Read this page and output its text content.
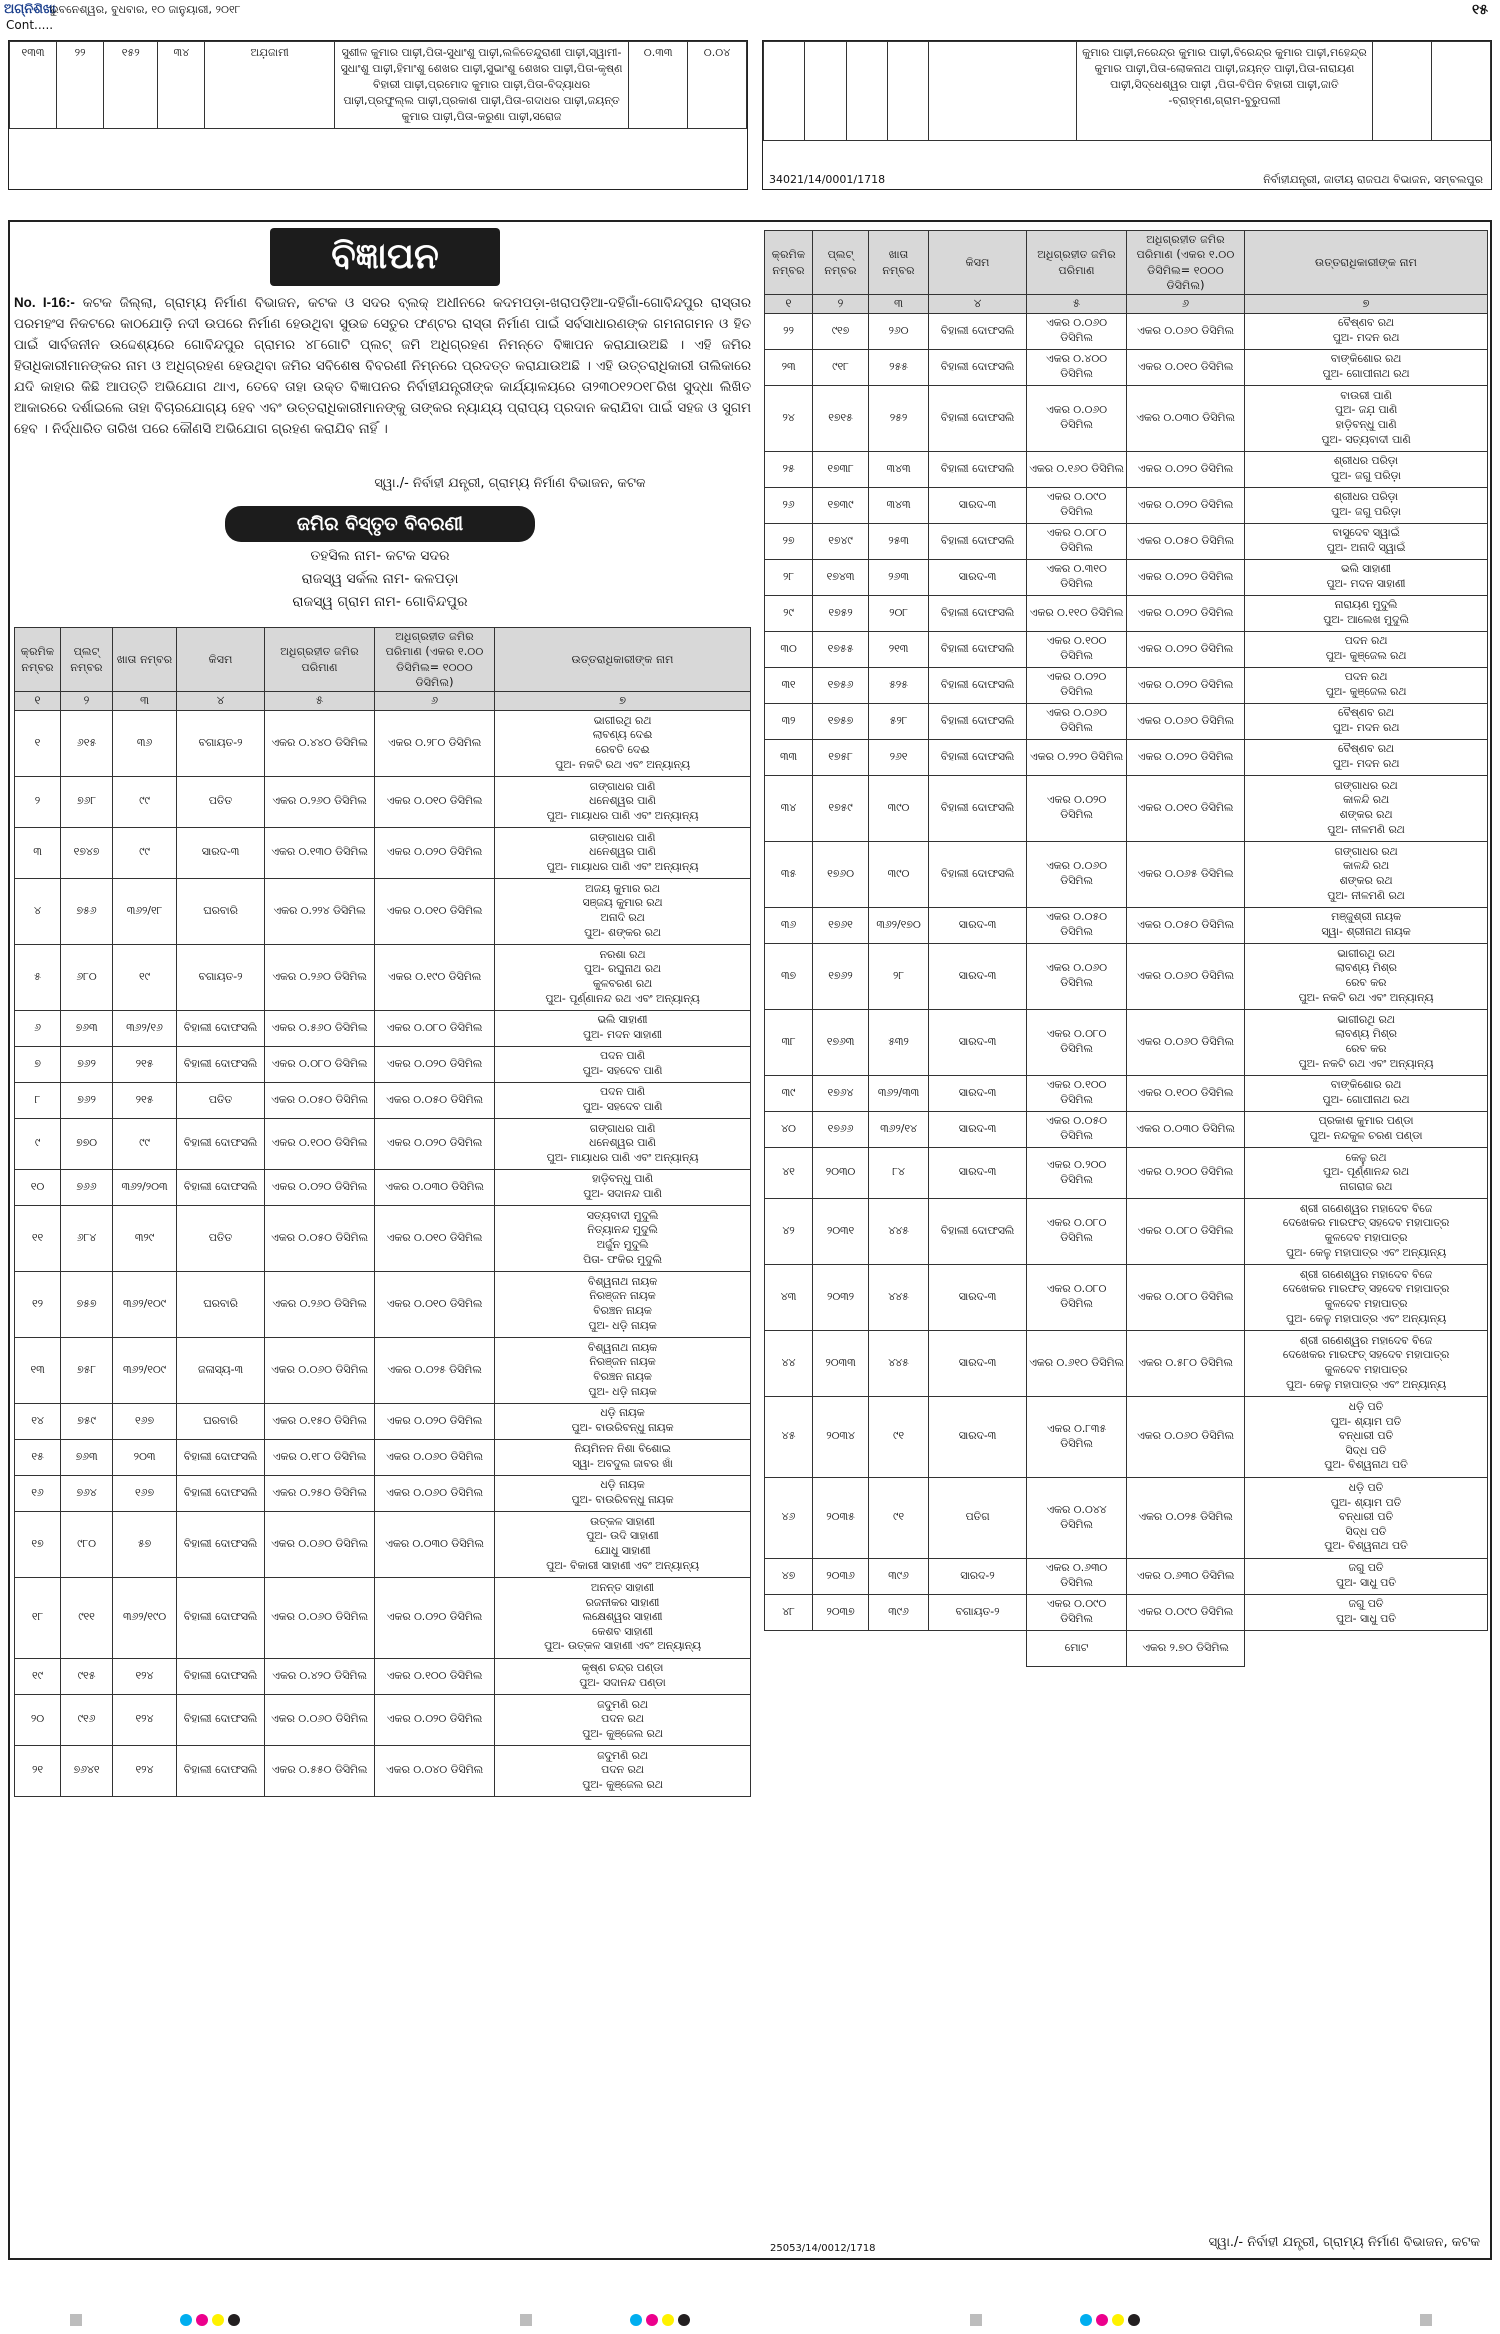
ଅଗ୍ନିଶିଖା
ଭୁବନେଶ୍ୱର, ବୁଧବାର, ୧୦ ଜାନୁୟାରୀ, ୨୦୧୮
Cont.....
୧୫
୧୩୩	୨୨	୧୫୨	୩୪	ଅଯ଼ଜାମୀ	ସୁଶୀଳ କୁମାର ପାଢ଼ୀ,ପିତା-ସୁଧାଂଶୁ ପାଢ଼ୀ,ଲଳିତେନ୍ଦୁରାଣୀ ପାଢ଼ୀ,ସ୍ୱାମୀ-ସୁଧାଂଶୁ ପାଢ଼ୀ,ହିମାଂଶୁ ଶେଖର ପାଢ଼ୀ,ସୁଭାଂଶୁ ଶେଖର ପାଢ଼ୀ,ପିତା-କୃଷ୍ଣ ବିହାରୀ ପାଢ଼ୀ,ପ୍ରମୋଦ କୁମାର ପାଢ଼ୀ,ପିତା-ବିଦ୍ୟାଧର ପାଢ଼ୀ,ପ୍ରଫୁଲ୍ଲ ପାଢ଼ୀ,ପ୍ରକାଶ ପାଢ଼ୀ,ପିତା-ଗଦାଧର ପାଢ଼ୀ,ଜୟନ୍ତ କୁମାର ପାଢ଼ୀ,ପିତା-କରୁଣା ପାଢ଼ୀ,ସରୋଜ	୦.୩୩	୦.୦୪
						କୁମାର ପାଢ଼ୀ,ନରେନ୍ଦ୍ର କୁମାର ପାଢ଼ୀ,ବିରେନ୍ଦ୍ର କୁମାର ପାଢ଼ୀ,ମହେନ୍ଦ୍ର କୁମାର ପାଢ଼ୀ,ପିତା-ଲୋକନାଥ ପାଢ଼ୀ,ଜୟନ୍ତ ପାଢ଼ୀ,ପିତା-ନାରାୟଣ ପାଢ଼ୀ,ସିଦ୍ଧେଶ୍ୱର ପାଢ଼ୀ ,ପିତା-ବିପିନ ବିହାରୀ ପାଢ଼ୀ,ଜାତି -ବ୍ରାହ୍ମଣ,ଗ୍ରାମ-ବୁରୁପଲୀ		
34021/14/0001/1718	ନିର୍ବାହୀଯନ୍ତ୍ରୀ, ଜାତୀୟ ରାଜପଥ ବିଭାଜନ, ସମ୍ବଲପୁର
ବିଜ୍ଞାପନ
No. I-16:- କଟକ ଜିଲ୍ଲା, ଗ୍ରାମ୍ୟ ନିର୍ମାଣ ବିଭାଜନ, କଟକ ଓ ସଦର ବ୍ଲକ୍ ଅଧୀନରେ କଦମପଡ଼ା-ଖରାପଡ଼ିଆ-ଦହିଗାଁ-ଗୋବିନ୍ଦପୁର ରାସ୍ତାର ପରମହଂସ ନିକଟରେ କାଠଯୋଡ଼ି ନଦୀ ଉପରେ ନିର୍ମାଣ ହେଉଥିବା ସୁଉଚ୍ଚ ସେତୁର ଫଣ୍ଟର ରାସ୍ତା ନିର୍ମାଣ ପାଇଁ ସର୍ବସାଧାରଣଙ୍କ ଗମନାଗମନ ଓ ହିତ ପାଇଁ ସାର୍ବଜନୀନ ଉଦ୍ଦେଶ୍ୟରେ ଗୋବିନ୍ଦପୁର ଗ୍ରାମର ୪୮ଗୋଟି ପ୍ଲଟ୍ ଜମି ଅଧିଗ୍ରହଣ ନିମନ୍ତେ ବିଜ୍ଞାପନ କରାଯାଉଅଛି । ଏହି ଜମିର ହିତାଧିକାରୀମାନଙ୍କର ନାମ ଓ ଅଧିଗ୍ରହଣ ହେଉଥିବା ଜମିର ସବିଶେଷ ବିବରଣୀ ନିମ୍ନରେ ପ୍ରଦତ୍ତ କରାଯାଉଅଛି । ଏହି ଉତ୍ତରାଧିକାରୀ ତାଲିକାରେ ଯଦି କାହାର କିଛି ଆପତ୍ତି ଅଭିଯୋଗ ଥାଏ, ତେବେ ତାହା ଉକ୍ତ ବିଜ୍ଞାପନର ନିର୍ବାହୀଯନ୍ତ୍ରୀଙ୍କ କାର୍ଯ୍ୟାଳୟରେ ତା୨୩୦୧୨୦୧୮ରିଖ ସୁଦ୍ଧା ଲିଖିତ ଆକାରରେ ଦର୍ଶାଇଲେ ତାହା ବିଚାରଯୋଗ୍ୟ ହେବ ଏବଂ ଉତ୍ତରାଧିକାରୀମାନଙ୍କୁ ତାଙ୍କର ନ୍ୟାଯ୍ୟ ପ୍ରାପ୍ୟ ପ୍ରଦାନ କରାଯିବା ପାଇଁ ସହଜ ଓ ସୁଗମ ହେବ । ନିର୍ଦ୍ଧାରିତ ତାରିଖ ପରେ କୌଣସି ଅଭିଯୋଗ ଗ୍ରହଣ କରାଯିବ ନାହିଁ ।
ସ୍ୱା./- ନିର୍ବାହୀ ଯନ୍ତ୍ରୀ, ଗ୍ରାମ୍ୟ ନିର୍ମାଣ ବିଭାଜନ, କଟକ
ଜମିର ବିସ୍ତୃତ ବିବରଣୀ
ତହସିଲ ନାମ- କଟକ ସଦର
ରାଜସ୍ୱ ସର୍କଲ ନାମ- କଳପଡ଼ା
ରାଜସ୍ୱ ଗ୍ରାମ ନାମ- ଗୋବିନ୍ଦପୁର
କ୍ରମିକ ନମ୍ବର	ପ୍ଲଟ୍ ନମ୍ବର	ଖାତା ନମ୍ବର	କିସମ	ଅଧିଗ୍ରହୀତ ଜମିର ପରିମାଣ	ଅଧିଗ୍ରହୀତ ଜମିର ପରିମାଣ (ଏକର ୧.୦୦ ଡିସିମିଲ= ୧୦୦୦ ଡିସିମିଲ)	ଉତ୍ତରାଧିକାରୀଙ୍କ ନାମ
୧	୨	୩	୪	୫	୬	୭
୧	୬୧୫	୩୬	ବଗାୟତ-୨	ଏକର ୦.୪୪୦ ଡିସିମିଲ	ଏକର ୦.୨୮୦ ଡିସିମିଲ	ଭାଗୀରଥି ରଥ
ଲାବଣ୍ୟ ଦେଈ
ରେବତି ଦେଈ
ପୁଅ- ନକଟି ରଥ ଏବଂ ଅନ୍ୟାନ୍ୟ
୨	୭୬୮	୯୯	ପତିତ	ଏକର ୦.୨୬୦ ଡିସିମିଲ	ଏକର ୦.୦୧୦ ଡିସିମିଲ	ଗଙ୍ଗାଧର ପାଣି
ଧନେଶ୍ୱର ପାଣି
ପୁଅ- ମାୟାଧର ପାଣି ଏବଂ ଅନ୍ୟାନ୍ୟ
୩	୧୭୪୭	୯୯	ସାରଦ-୩	ଏକର ୦.୧୩୦ ଡିସିମିଲ	ଏକର ୦.୦୨୦ ଡିସିମିଲ	ଗଙ୍ଗାଧର ପାଣି
ଧନେଶ୍ୱର ପାଣି
ପୁଅ- ମାୟାଧର ପାଣି ଏବଂ ଅନ୍ୟାନ୍ୟ
୪	୭୫୬	୩୬୨/୧୮	ଘରବାରି	ଏକର ୦.୨୨୪ ଡିସିମିଲ	ଏକର ୦.୦୧୦ ଡିସିମିଲ	ଅଜୟ କୁମାର ରଥ
ସଞ୍ଜୟ କୁମାର ରଥ
ଅନାଦି ରଥ
ପୁଅ- ଶଙ୍କର ରଥ
୫	୬୮୦	୧୯	ବଗାୟତ-୨	ଏକର ୦.୨୬୦ ଡିସିମିଲ	ଏକର ୦.୧୯୦ ଡିସିମିଲ	ନରଶା ରଥ
ପୁଅ- ରଘୁନାଥ ରଥ
କୁଳବରଣ ରଥ
ପୁଅ- ପୂର୍ଣ୍ଣାନନ୍ଦ ରଥ ଏବଂ ଅନ୍ୟାନ୍ୟ
୬	୭୬୩	୩୬୨/୧୬	ବିହାଲୀ ଦୋଫସଲି	ଏକର ୦.୫୬୦ ଡିସିମିଲ	ଏକର ୦.୦୮୦ ଡିସିମିଲ	ଭଲି ସାହାଣୀ
ପୁଅ- ମଦନ ସାହାଣୀ
୭	୭୬୨	୨୧୫	ବିହାଲୀ ଦୋଫସଲି	ଏକର ୦.୦୮୦ ଡିସିମିଲ	ଏକର ୦.୦୨୦ ଡିସିମିଲ	ପଦନ ପାଣି
ପୁଅ- ସହଦେବ ପାଣି
୮	୭୬୨	୨୧୫	ପତିତ	ଏକର ୦.୦୫୦ ଡିସିମିଲ	ଏକର ୦.୦୫୦ ଡିସିମିଲ	ପଦନ ପାଣି
ପୁଅ- ସହଦେବ ପାଣି
୯	୭୭୦	୯୯	ବିହାଲୀ ଦୋଫସଲି	ଏକର ୦.୧୦୦ ଡିସିମିଲ	ଏକର ୦.୦୨୦ ଡିସିମିଲ	ଗଙ୍ଗାଧର ପାଣି
ଧନେଶ୍ୱର ପାଣି
ପୁଅ- ମାୟାଧର ପାଣି ଏବଂ ଅନ୍ୟାନ୍ୟ
୧୦	୭୬୬	୩୬୨/୨୦୩	ବିହାଲୀ ଦୋଫସଲି	ଏକର ୦.୦୨୦ ଡିସିମିଲ	ଏକର ୦.୦୩୦ ଡିସିମିଲ	ହାଡ଼ିବନ୍ଧୁ ପାଣି
ପୁଅ- ସଦାନନ୍ଦ ପାଣି
୧୧	୬୮୪	୩୨୯	ପତିତ	ଏକର ୦.୦୫୦ ଡିସିମିଲ	ଏକର ୦.୦୧୦ ଡିସିମିଲ	ସତ୍ୟବାଦୀ ମୁଦୁଲି
ନିତ୍ୟାନନ୍ଦ ମୁଦୁଲି
ଅର୍ଜୁନ ମୁଦୁଲି
ପିତା- ଫକିର ମୁଦୁଲି
୧୨	୭୫୭	୩୬୨/୧୦୯	ଘରବାରି	ଏକର ୦.୨୬୦ ଡିସିମିଲ	ଏକର ୦.୦୧୦ ଡିସିମିଲ	ବିଶ୍ୱନାଥ ନାୟକ
ନିରଞ୍ଜନ ନାୟକ
ବିରଞ୍ଚନ ନାୟକ
ପୁଅ- ଧଡ଼ି ନାୟକ
୧୩	୭୫୮	୩୬୨/୧୦୯	ଜଳାସ୍ୟ-୩	ଏକର ୦.୦୬୦ ଡିସିମିଲ	ଏକର ୦.୦୨୫ ଡିସିମିଲ	ବିଶ୍ୱନାଥ ନାୟକ
ନିରଞ୍ଜନ ନାୟକ
ବିରଞ୍ଚନ ନାୟକ
ପୁଅ- ଧଡ଼ି ନାୟକ
୧୪	୭୫୯	୧୬୭	ଘରବାରି	ଏକର ୦.୧୫୦ ଡିସିମିଲ	ଏକର ୦.୦୨୦ ଡିସିମିଲ	ଧଡ଼ି ନାୟକ
ପୁଅ- ବାଉରିବନ୍ଧୁ ନାୟକ
୧୫	୭୬୩	୨୦୩	ବିହାଲୀ ଦୋଫସଲି	ଏକର ୦.୧୮୦ ଡିସିମିଲ	ଏକର ୦.୦୬୦ ଡିସିମିଲ	ନିୟମିନନ ନିଶା ବିଶୋଇ
ସ୍ୱା- ଅବଦୁଲ ଜାବର ଖାଁ
୧୬	୭୬୪	୧୬୭	ବିହାଲୀ ଦୋଫସଲି	ଏକର ୦.୨୫୦ ଡିସିମିଲ	ଏକର ୦.୦୬୦ ଡିସିମିଲ	ଧଡ଼ି ନାୟକ
ପୁଅ- ବାଉରିବନ୍ଧୁ ନାୟକ
୧୭	୯୮୦	୫୭	ବିହାଲୀ ଦୋଫସଲି	ଏକର ୦.୦୬୦ ଡିସିମିଲ	ଏକର ୦.୦୩୦ ଡିସିମିଲ	ଉତ୍କଳ ସାହାଣୀ
ପୁଅ- ଉଦି ସାହାଣୀ
ଯୋଧୁ ସାହାଣୀ
ପୁଅ- ବିକାରୀ ସାହାଣୀ ଏବଂ ଅନ୍ୟାନ୍ୟ
୧୮	୯୧୧	୩୬୨/୧୯୦	ବିହାଲୀ ଦୋଫସଲି	ଏକର ୦.୦୬୦ ଡିସିମିଲ	ଏକର ୦.୦୨୦ ଡିସିମିଲ	ଅନନ୍ତ ସାହାଣୀ
ରଜନୀକର ସାହାଣୀ
ଲକ୍ଷେଶ୍ୱର ସାହାଣୀ
କେଶବ ସାହାଣୀ
ପୁଅ- ଉତ୍କଳ ସାହାଣୀ ଏବଂ ଅନ୍ୟାନ୍ୟ
୧୯	୯୧୫	୧୨୪	ବିହାଲୀ ଦୋଫସଲି	ଏକର ୦.୪୨୦ ଡିସିମିଲ	ଏକର ୦.୧୦୦ ଡିସିମିଲ	କୃଷ୍ଣ ଚନ୍ଦ୍ର ପଣ୍ଡା
ପୁଅ- ସଦାନନ୍ଦ ପଣ୍ଡା
୨୦	୯୧୬	୧୨୪	ବିହାଲୀ ଦୋଫସଲି	ଏକର ୦.୦୬୦ ଡିସିମିଲ	ଏକର ୦.୦୨୦ ଡିସିମିଲ	ଜଦୁମଣି ରଥ
ପଦନ ରଥ
ପୁଅ- କୁଞ୍ଜେଲ ରଥ
୨୧	୭୬୪୧	୧୨୪	ବିହାଲୀ ଦୋଫସଲି	ଏକର ୦.୫୫୦ ଡିସିମିଲ	ଏକର ୦.୦୪୦ ଡିସିମିଲ	ଜଦୁମଣି ରଥ
ପଦନ ରଥ
ପୁଅ- କୁଞ୍ଜେଲ ରଥ
କ୍ରମିକ ନମ୍ବର	ପ୍ଲଟ୍ ନମ୍ବର	ଖାତା ନମ୍ବର	କିସମ	ଅଧିଗ୍ରହୀତ ଜମିର ପରିମାଣ	ଅଧିଗ୍ରହୀତ ଜମିର ପରିମାଣ (ଏକର ୧.୦୦ ଡିସିମିଲ= ୧୦୦୦ ଡିସିମିଲ)	ଉତ୍ତରାଧିକାରୀଙ୍କ ନାମ
୧	୨	୩	୪	୫	୬	୭
୨୨	୯୧୭	୨୬୦	ବିହାଲୀ ଦୋଫସଲି	ଏକର ୦.୦୬୦ ଡିସିମିଲ	ଏକର ୦.୦୬୦ ଡିସିମିଲ	ବୈଷ୍ଣବ ରଥ
ପୁଅ- ମଦନ ରଥ
୨୩	୯୧୮	୨୫୫	ବିହାଲୀ ଦୋଫସଲି	ଏକର ୦.୪୦୦ ଡିସିମିଲ	ଏକର ୦.୦୧୦ ଡିସିମିଲ	ବାଙ୍କିଶୋର ରଥ
ପୁଅ- ଗୋପୀନାଥ ରଥ
୨୪	୧୭୧୫	୨୫୨	ବିହାଲୀ ଦୋଫସଲି	ଏକର ୦.୦୬୦ ଡିସିମିଲ	ଏକର ୦.୦୩୦ ଡିସିମିଲ	ବାଉରୀ ପାଣି
ପୁଅ- ଜଯ଼ ପାଣି
ହାଡ଼ିବନ୍ଧୁ ପାଣି
ପୁଅ- ସତ୍ୟବାଦୀ ପାଣି
୨୫	୧୭୩୮	୩୪୩	ବିହାଲୀ ଦୋଫସଲି	ଏକର ୦.୧୬୦ ଡିସିମିଲ	ଏକର ୦.୦୨୦ ଡିସିମିଲ	ଶ୍ରୀଧର ପରିଡ଼ା
ପୁଅ- ଜଗୁ ପରିଡ଼ା
୨୬	୧୭୩୯	୩୪୩	ସାରଦ-୩	ଏକର ୦.୦୯୦ ଡିସିମିଲ	ଏକର ୦.୦୨୦ ଡିସିମିଲ	ଶ୍ରୀଧର ପରିଡ଼ା
ପୁଅ- ଜଗୁ ପରିଡ଼ା
୨୭	୧୭୪୯	୨୫୩	ବିହାଲୀ ଦୋଫସଲି	ଏକର ୦.୦୮୦ ଡିସିମିଲ	ଏକର ୦.୦୫୦ ଡିସିମିଲ	ବାସୁଦେବ ସ୍ୱାଇଁ
ପୁଅ- ଅନାଦି ସ୍ୱାଇଁ
୨୮	୧୭୪୩	୨୬୩	ସାରଦ-୩	ଏକର ୦.୩୧୦ ଡିସିମିଲ	ଏକର ୦.୦୨୦ ଡିସିମିଲ	ଭଲି ସାହାଣୀ
ପୁଅ- ମଦନ ସାହାଣୀ
୨୯	୧୭୫୨	୨୦୮	ବିହାଲୀ ଦୋଫସଲି	ଏକର ୦.୧୧୦ ଡିସିମିଲ	ଏକର ୦.୦୨୦ ଡିସିମିଲ	ନାରାୟଣ ମୁଦୁଲି
ପୁଅ- ଆଲେଖ ମୁଦୁଲି
୩୦	୧୭୫୫	୨୧୩	ବିହାଲୀ ଦୋଫସଲି	ଏକର ୦.୧୦୦ ଡିସିମିଲ	ଏକର ୦.୦୨୦ ଡିସିମିଲ	ପଦନ ରଥ
ପୁଅ- କୁଞ୍ଜେଲ ରଥ
୩୧	୧୭୫୬	୫୨୫	ବିହାଲୀ ଦୋଫସଲି	ଏକର ୦.୦୨୦ ଡିସିମିଲ	ଏକର ୦.୦୨୦ ଡିସିମିଲ	ପଦନ ରଥ
ପୁଅ- କୁଞ୍ଜେଲ ରଥ
୩୨	୧୭୫୭	୫୨୮	ବିହାଲୀ ଦୋଫସଲି	ଏକର ୦.୦୬୦ ଡିସିମିଲ	ଏକର ୦.୦୬୦ ଡିସିମିଲ	ବୈଷ୍ଣବ ରଥ
ପୁଅ- ମଦନ ରଥ
୩୩	୧୭୫୮	୨୬୧	ବିହାଲୀ ଦୋଫସଲି	ଏକର ୦.୨୨୦ ଡିସିମିଲ	ଏକର ୦.୦୨୦ ଡିସିମିଲ	ବୈଷ୍ଣବ ରଥ
ପୁଅ- ମଦନ ରଥ
୩୪	୧୭୫୯	୩୯୦	ବିହାଲୀ ଦୋଫସଲି	ଏକର ୦.୦୨୦ ଡିସିମିଲ	ଏକର ୦.୦୧୦ ଡିସିମିଲ	ଗଙ୍ଗାଧର ରଥ
କାଳନ୍ଦି ରଥ
ଶଙ୍କର ରଥ
ପୁଅ- ନୀଳମଣି ରଥ
୩୫	୧୭୬୦	୩୯୦	ବିହାଲୀ ଦୋଫସଲି	ଏକର ୦.୦୬୦ ଡିସିମିଲ	ଏକର ୦.୦୬୫ ଡିସିମିଲ	ଗଙ୍ଗାଧର ରଥ
କାଳନ୍ଦି ରଥ
ଶଙ୍କର ରଥ
ପୁଅ- ନୀଳମଣି ରଥ
୩୬	୧୭୬୧	୩୬୨/୧୭୦	ସାରଦ-୩	ଏକର ୦.୦୫୦ ଡିସିମିଲ	ଏକର ୦.୦୫୦ ଡିସିମିଲ	ମଞ୍ଜୁଶ୍ରୀ ନାୟକ
ସ୍ୱା- ଶ୍ରୀନାଥ ନାୟକ
୩୭	୧୭୬୨	୨୮	ସାରଦ-୩	ଏକର ୦.୦୬୦ ଡିସିମିଲ	ଏକର ୦.୦୬୦ ଡିସିମିଲ	ଭାଗୀରଥି ରଥ
ଲାବଣ୍ୟ ମିଶ୍ର
ରେବ କର
ପୁଅ- ନକଟି ରଥ ଏବଂ ଅନ୍ୟାନ୍ୟ
୩୮	୧୭୬୩	୫୩୨	ସାରଦ-୩	ଏକର ୦.୦୮୦ ଡିସିମିଲ	ଏକର ୦.୦୬୦ ଡିସିମିଲ	ଭାଗୀରଥି ରଥ
ଲାବଣ୍ୟ ମିଶ୍ର
ରେବ କର
ପୁଅ- ନକଟି ରଥ ଏବଂ ଅନ୍ୟାନ୍ୟ
୩୯	୧୭୬୪	୩୬୨/୩୩	ସାରଦ-୩	ଏକର ୦.୧୦୦ ଡିସିମିଲ	ଏକର ୦.୧୦୦ ଡିସିମିଲ	ବାଙ୍କିଶୋର ରଥ
ପୁଅ- ଗୋପୀନାଥ ରଥ
୪୦	୧୭୬୬	୩୬୨/୧୪	ସାରଦ-୩	ଏକର ୦.୦୫୦ ଡିସିମିଲ	ଏକର ୦.୦୩୦ ଡିସିମିଲ	ପ୍ରକାଶ କୁମାର ପଣ୍ଡା
ପୁଅ- ନନ୍ଦକୁଳ ଚରଣ ପଣ୍ଡା
୪୧	୨୦୩୦	୮୪	ସାରଦ-୩	ଏକର ୦.୨୦୦ ଡିସିମିଲ	ଏକର ୦.୨୦୦ ଡିସିମିଲ	କେଳୁ ରଥ
ପୁଅ- ପୂର୍ଣ୍ଣାନନ୍ଦ ରଥ
ନାଗରାଜ ରଥ
୪୨	୨୦୩୧	୪୪୫	ବିହାଲୀ ଦୋଫସଲି	ଏକର ୦.୦୮୦ ଡିସିମିଲ	ଏକର ୦.୦୮୦ ଡିସିମିଲ	ଶ୍ରୀ ଗଣେଶ୍ୱର ମହାଦେବ ବିଜେ
ଦେଖେକର ମାରଫତ୍ ସହଦେବ ମହାପାତ୍ର
କୁଳଦେବ ମହାପାତ୍ର
ପୁଅ- କେଳୁ ମହାପାତ୍ର ଏବଂ ଅନ୍ୟାନ୍ୟ
୪୩	୨୦୩୨	୪୪୫	ସାରଦ-୩	ଏକର ୦.୦୮୦ ଡିସିମିଲ	ଏକର ୦.୦୮୦ ଡିସିମିଲ	ଶ୍ରୀ ଗଣେଶ୍ୱର ମହାଦେବ ବିଜେ
ଦେଖେକର ମାରଫତ୍ ସହଦେବ ମହାପାତ୍ର
କୁଳଦେବ ମହାପାତ୍ର
ପୁଅ- କେଳୁ ମହାପାତ୍ର ଏବଂ ଅନ୍ୟାନ୍ୟ
୪୪	୨୦୩୩	୪୪୫	ସାରଦ-୩	ଏକର ୦.୬୧୦ ଡିସିମିଲ	ଏକର ୦.୫୮୦ ଡିସିମିଲ	ଶ୍ରୀ ଗଣେଶ୍ୱର ମହାଦେବ ବିଜେ
ଦେଖେକର ମାରଫତ୍ ସହଦେବ ମହାପାତ୍ର
କୁଳଦେବ ମହାପାତ୍ର
ପୁଅ- କେଳୁ ମହାପାତ୍ର ଏବଂ ଅନ୍ୟାନ୍ୟ
୪୫	୨୦୩୪	୯୧	ସାରଦ-୩	ଏକର ୦.୮୩୫ ଡିସିମିଲ	ଏକର ୦.୦୬୦ ଡିସିମିଲ	ଧଡ଼ି ପତି
ପୁଅ- ଶ୍ୟାମ ପତି
ବନ୍ଧାରୀ ପତି
ସିଦ୍ଧ ପତି
ପୁଅ- ବିଶ୍ୱନାଥ ପତି
୪୬	୨୦୩୫	୯୧	ପତିଗ	ଏକର ୦.୦୪୪ ଡିସିମିଲ	ଏକର ୦.୦୨୫ ଡିସିମିଲ	ଧଡ଼ି ପତି
ପୁଅ- ଶ୍ୟାମ ପତି
ବନ୍ଧାରୀ ପତି
ସିଦ୍ଧ ପତି
ପୁଅ- ବିଶ୍ୱନାଥ ପତି
୪୭	୨୦୩୬	୩୯୬	ସାରଦ-୨	ଏକର ୦.୬୩୦ ଡିସିମିଲ	ଏକର ୦.୬୩୦ ଡିସିମିଲ	ଜଗୁ ପତି
ପୁଅ- ସାଧୁ ପତି
୪୮	୨୦୩୭	୩୯୬	ବଗାୟତ-୨	ଏକର ୦.୦୯୦ ଡିସିମିଲ	ଏକର ୦.୦୯୦ ଡିସିମିଲ	ଜଗୁ ପତି
ପୁଅ- ସାଧୁ ପତି
				ମୋଟ	ଏକର ୨.୭୦ ଡିସିମିଲ	
25053/14/0012/1718	ସ୍ୱା./- ନିର୍ବାହୀ ଯନ୍ତ୍ରୀ, ଗ୍ରାମ୍ୟ ନିର୍ମାଣ ବିଭାଜନ, କଟକ
